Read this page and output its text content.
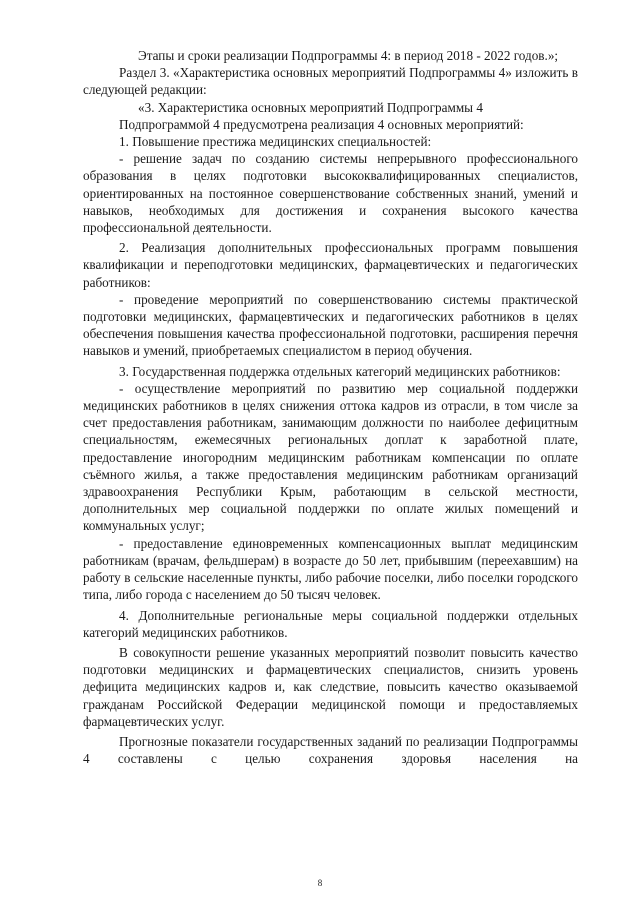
Этапы и сроки реализации Подпрограммы 4: в период 2018 - 2022 годов.»;

Раздел 3. «Характеристика основных мероприятий Подпрограммы 4» изложить в следующей редакции:

«3. Характеристика основных мероприятий Подпрограммы 4

Подпрограммой 4 предусмотрена реализация 4 основных мероприятий:

1. Повышение престижа медицинских специальностей:

- решение задач по созданию системы непрерывного профессионального образования в целях подготовки высококвалифицированных специалистов, ориентированных на постоянное совершенствование собственных знаний, умений и навыков, необходимых для достижения и сохранения высокого качества профессиональной деятельности.

2. Реализация дополнительных профессиональных программ повышения квалификации и переподготовки медицинских, фармацевтических и педагогических работников:

- проведение мероприятий по совершенствованию системы практической подготовки медицинских, фармацевтических и педагогических работников в целях обеспечения повышения качества профессиональной подготовки, расширения перечня навыков и умений, приобретаемых специалистом в период обучения.

3. Государственная поддержка отдельных категорий медицинских работников:

- осуществление мероприятий по развитию мер социальной поддержки медицинских работников в целях снижения оттока кадров из отрасли, в том числе за счет предоставления работникам, занимающим должности по наиболее дефицитным специальностям, ежемесячных региональных доплат к заработной плате, предоставление иногородним медицинским работникам компенсации по оплате съёмного жилья, а также предоставления медицинским работникам организаций здравоохранения Республики Крым, работающим в сельской местности, дополнительных мер социальной поддержки по оплате жилых помещений и коммунальных услуг;

- предоставление единовременных компенсационных выплат медицинским работникам (врачам, фельдшерам) в возрасте до 50 лет, прибывшим (переехавшим) на работу в сельские населенные пункты, либо рабочие поселки, либо поселки городского типа, либо города с населением до 50 тысяч человек.

4. Дополнительные региональные меры социальной поддержки отдельных категорий медицинских работников.

В совокупности решение указанных мероприятий позволит повысить качество подготовки медицинских и фармацевтических специалистов, снизить уровень дефицита медицинских кадров и, как следствие, повысить качество оказываемой гражданам Российской Федерации медицинской помощи и предоставляемых фармацевтических услуг.

Прогнозные показатели государственных заданий по реализации Подпрограммы 4 составлены с целью сохранения здоровья населения на

8
